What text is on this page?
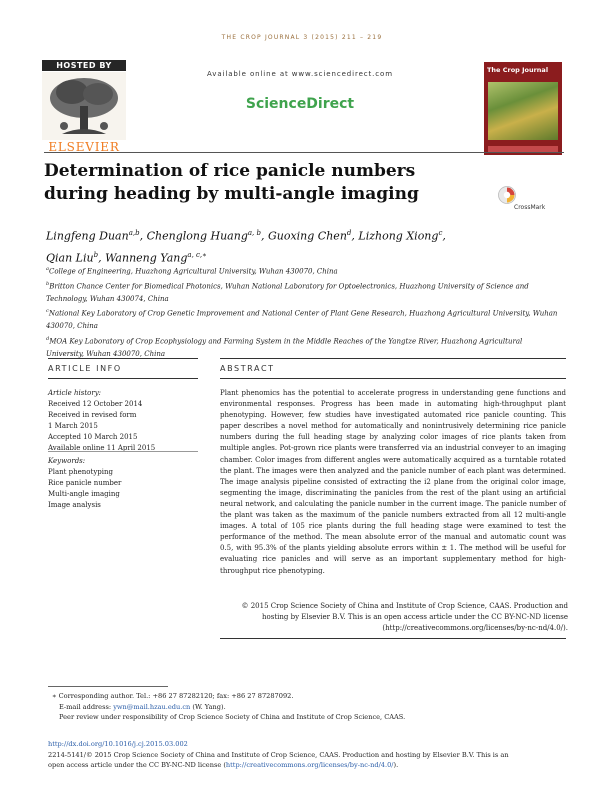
THE CROP JOURNAL 3 (2015) 211 – 219
HOSTED BY
ELSEVIER
Available online at www.sciencedirect.com
ScienceDirect
The Crop Journal
Determination of rice panicle numbers during heading by multi-angle imaging
CrossMark
Lingfeng Duan$^{a,b}$, Chenglong Huang$^{a, b}$, Guoxing Chen$^d$, Lizhong Xiong$^c$,
Qian Liu$^b$, Wanneng Yang$^{a, c,∗}$
$^a$College of Engineering, Huazhong Agricultural University, Wuhan 430070, China
$^b$Britton Chance Center for Biomedical Photonics, Wuhan National Laboratory for Optoelectronics, Huazhong University of Science and Technology, Wuhan 430074, China
$^c$National Key Laboratory of Crop Genetic Improvement and National Center of Plant Gene Research, Huazhong Agricultural University, Wuhan 430070, China
$^d$MOA Key Laboratory of Crop Ecophysiology and Farming System in the Middle Reaches of the Yangtze River, Huazhong Agricultural University, Wuhan 430070, China
ARTICLE INFO	ABSTRACT
Article history:
Received 12 October 2014
Received in revised form
1 March 2015
Accepted 10 March 2015
Available online 11 April 2015
Keywords:
Plant phenotyping
Rice panicle number
Multi-angle imaging
Image analysis
Plant phenomics has the potential to accelerate progress in understanding gene functions and environmental responses. Progress has been made in automating high-throughput plant phenotyping. However, few studies have investigated automated rice panicle counting. This paper describes a novel method for automatically and nonintrusively determining rice panicle numbers during the full heading stage by analyzing color images of rice plants taken from multiple angles. Pot-grown rice plants were transferred via an industrial conveyer to an imaging chamber. Color images from different angles were automatically acquired as a turntable rotated the plant. The images were then analyzed and the panicle number of each plant was determined. The image analysis pipeline consisted of extracting the i2 plane from the original color image, segmenting the image, discriminating the panicles from the rest of the plant using an artificial neural network, and calculating the panicle number in the current image. The panicle number of the plant was taken as the maximum of the panicle numbers extracted from all 12 multi-angle images. A total of 105 rice plants during the full heading stage were examined to test the performance of the method. The mean absolute error of the manual and automatic count was 0.5, with 95.3% of the plants yielding absolute errors within ± 1. The method will be useful for evaluating rice panicles and will serve as an important supplementary method for high-throughput rice phenotyping.
© 2015 Crop Science Society of China and Institute of Crop Science, CAAS. Production and
hosting by Elsevier B.V. This is an open access article under the CC BY-NC-ND license
(http://creativecommons.org/licenses/by-nc-nd/4.0/).
∗ Corresponding author. Tel.: +86 27 87282120; fax: +86 27 87287092.
E-mail address: ywn@mail.hzau.edu.cn (W. Yang).
Peer review under responsibility of Crop Science Society of China and Institute of Crop Science, CAAS.
http://dx.doi.org/10.1016/j.cj.2015.03.002
2214-5141/© 2015 Crop Science Society of China and Institute of Crop Science, CAAS. Production and hosting by Elsevier B.V. This is an
open access article under the CC BY-NC-ND license (http://creativecommons.org/licenses/by-nc-nd/4.0/).
